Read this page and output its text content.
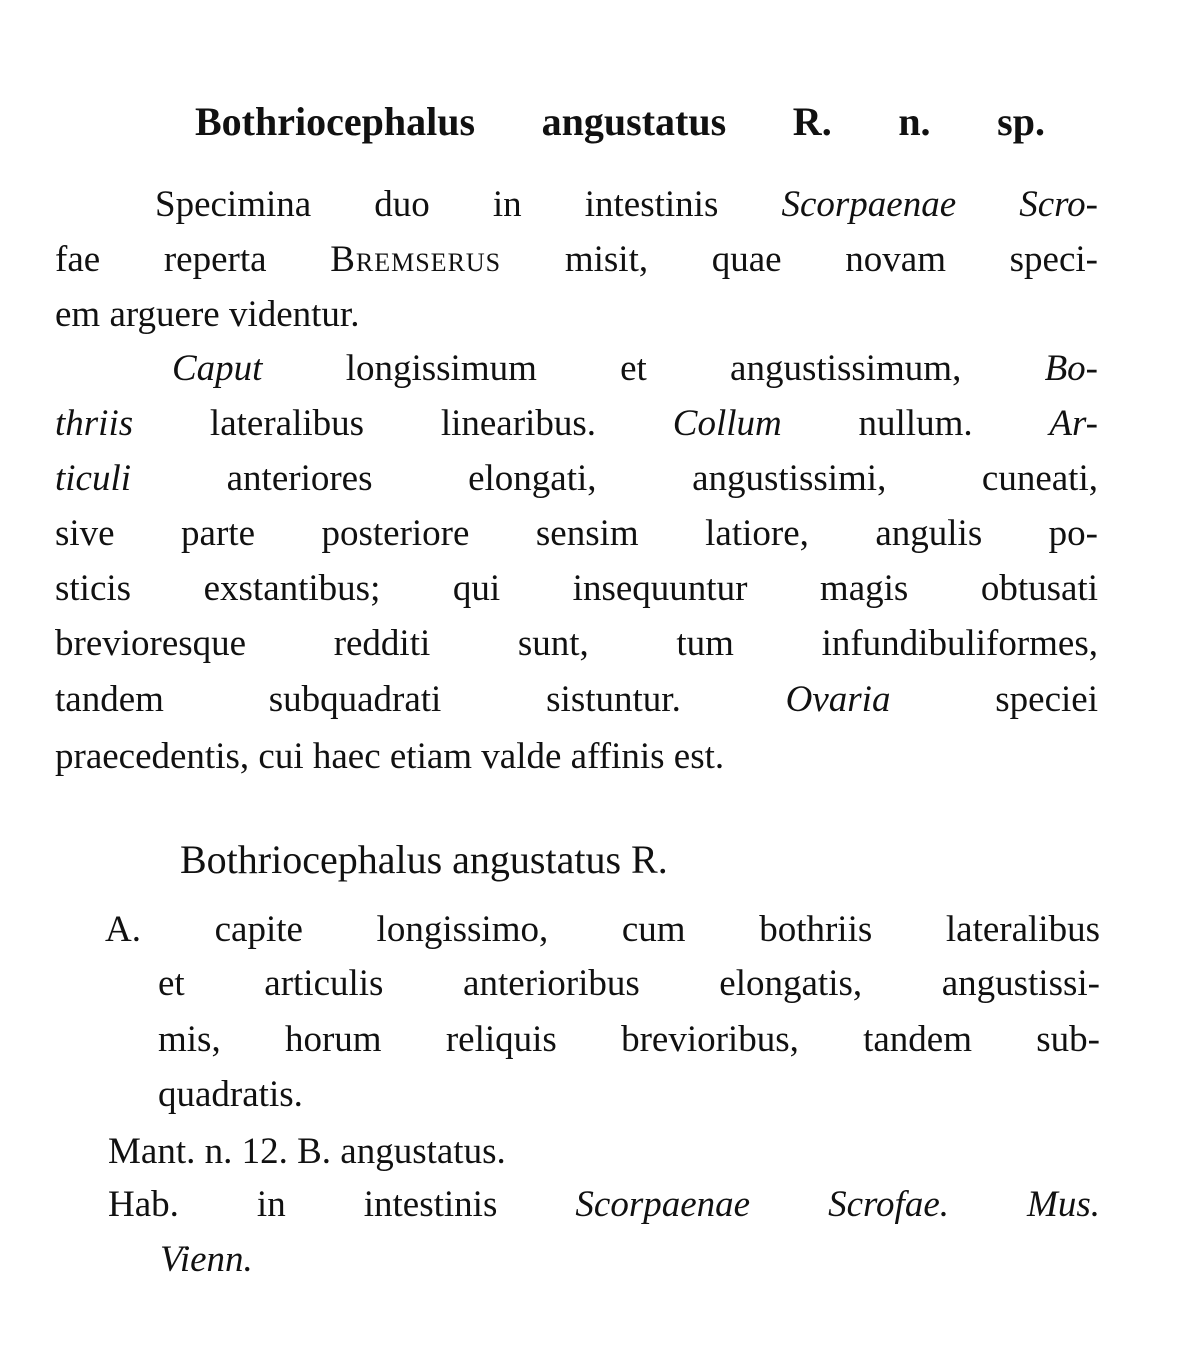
Bothriocephalus angustatus R. n. sp.
Specimina duo in intestinis Scorpaenae Scro-
fae reperta Bremserus misit, quae novam speci-
em arguere videntur.
Caput longissimum et angustissimum, Bo-
thriis lateralibus linearibus. Collum nullum. Ar-
ticuli anteriores elongati, angustissimi, cuneati,
sive parte posteriore sensim latiore, angulis po-
sticis exstantibus; qui insequuntur magis obtusati
brevioresque redditi sunt, tum infundibuliformes,
tandem subquadrati sistuntur. Ovaria speciei
praecedentis, cui haec etiam valde affinis est.
Bothriocephalus angustatus R.
A. capite longissimo, cum bothriis lateralibus
et articulis anterioribus elongatis, angustissi-
mis, horum reliquis brevioribus, tandem sub-
quadratis.
Mant. n. 12. B. angustatus.
Hab. in intestinis Scorpaenae Scrofae. Mus.
Vienn.
